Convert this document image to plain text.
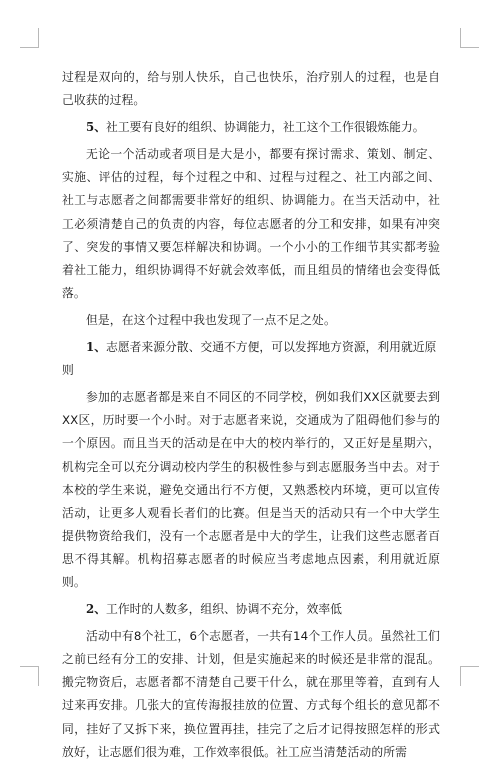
过程是双向的，给与别人快乐，自己也快乐，治疗别人的过程，也是自己收获的过程。

5、社工要有良好的组织、协调能力，社工这个工作很锻炼能力。

无论一个活动或者项目是大是小，都要有探讨需求、策划、制定、实施、评估的过程，每个过程之中和、过程与过程之、社工内部之间、社工与志愿者之间都需要非常好的组织、协调能力。在当天活动中，社工必须清楚自己的负责的内容，每位志愿者的分工和安排，如果有冲突了、突发的事情又要怎样解决和协调。一个小小的工作细节其实都考验着社工能力，组织协调得不好就会效率低，而且组员的情绪也会变得低落。

但是，在这个过程中我也发现了一点不足之处。

1、志愿者来源分散、交通不方便，可以发挥地方资源，利用就近原则

参加的志愿者都是来自不同区的不同学校，例如我们XX区就要去到XX区，历时要一个小时。对于志愿者来说，交通成为了阻碍他们参与的一个原因。而且当天的活动是在中大的校内举行的，又正好是星期六，机构完全可以充分调动校内学生的积极性参与到志愿服务当中去。对于本校的学生来说，避免交通出行不方便，又熟悉校内环境，更可以宣传活动，让更多人观看长者们的比赛。但是当天的活动只有一个中大学生提供物资给我们，没有一个志愿者是中大的学生，让我们这些志愿者百思不得其解。机构招募志愿者的时候应当考虑地点因素，利用就近原则。

2、工作时的人数多，组织、协调不充分，效率低

活动中有8个社工，6个志愿者，一共有14个工作人员。虽然社工们之前已经有分工的安排、计划，但是实施起来的时候还是非常的混乱。搬完物资后，志愿者都不清楚自己要干什么，就在那里等着，直到有人过来再安排。几张大的宣传海报挂放的位置、方式每个组长的意见都不同，挂好了又拆下来，换位置再挂，挂完了之后才记得按照怎样的形式放好，让志愿们很为难，工作效率很低。社工应当清楚活动的所需
